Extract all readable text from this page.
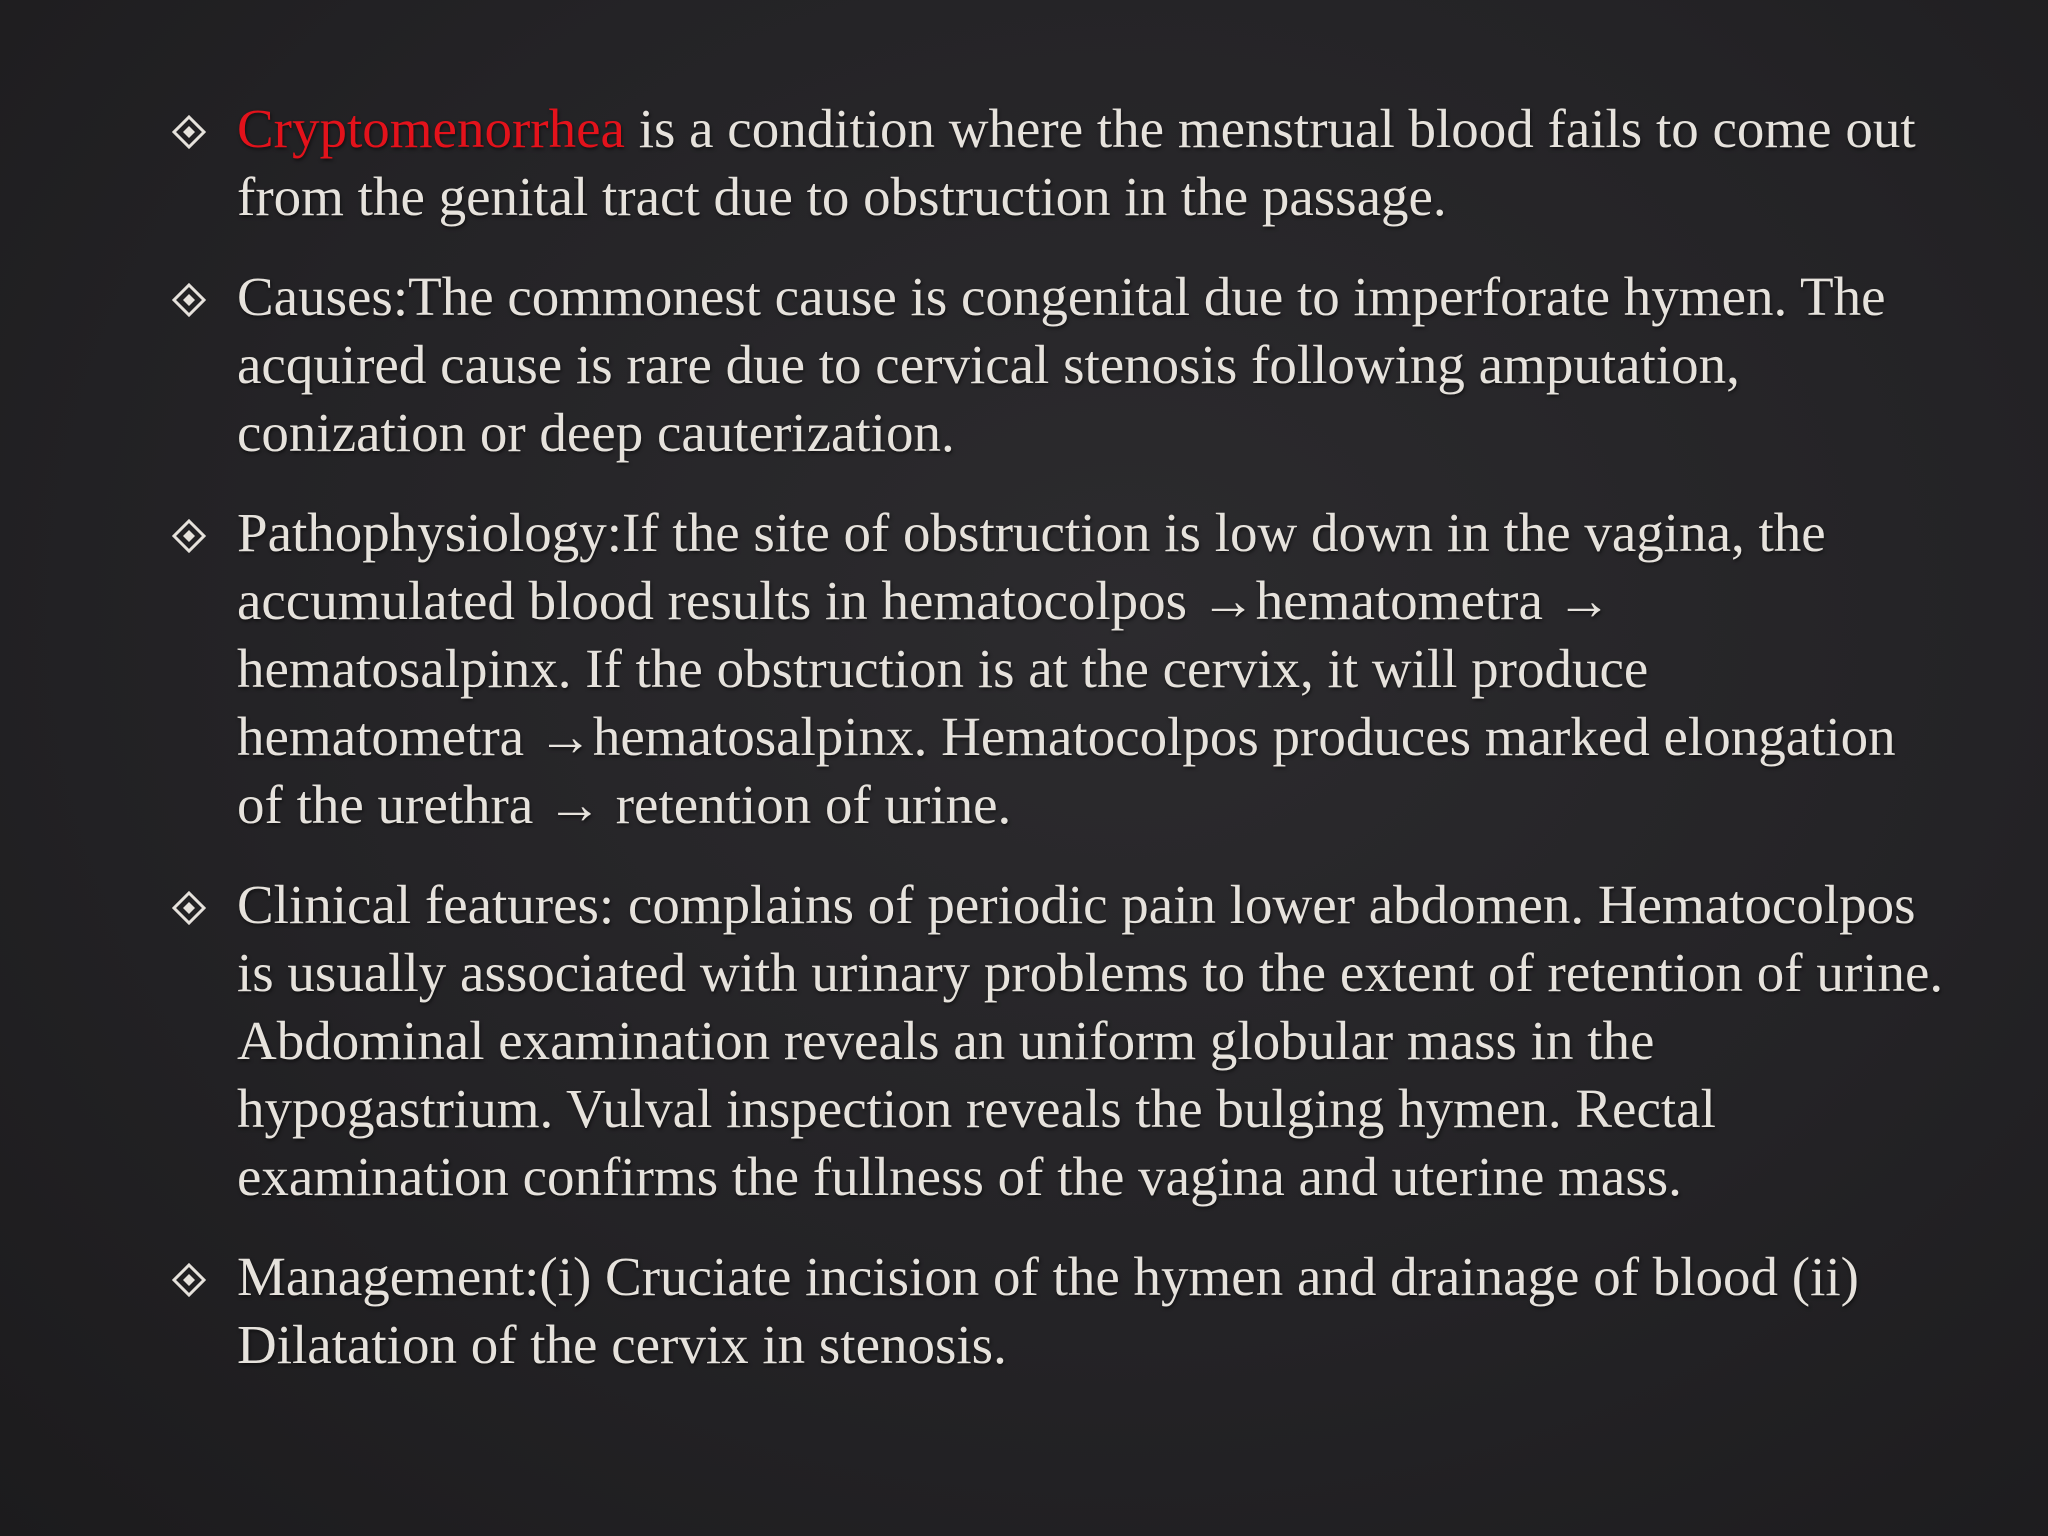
Cryptomenorrhea is a condition where the menstrual blood fails to come out from the genital tract due to obstruction in the passage.
Causes:The commonest cause is congenital due to imperforate hymen. The acquired cause is rare due to cervical stenosis following amputation, conization or deep cauterization.
Pathophysiology:If the site of obstruction is low down in the vagina, the accumulated blood results in hematocolpos →hematometra → hematosalpinx. If the obstruction is at the cervix, it will produce hematometra →hematosalpinx. Hematocolpos produces marked elongation of the urethra → retention of urine.
Clinical features: complains of periodic pain lower abdomen. Hematocolpos is usually associated with urinary problems to the extent of retention of urine. Abdominal examination reveals an uniform globular mass in the hypogastrium. Vulval inspection reveals the bulging hymen. Rectal examination confirms the fullness of the vagina and uterine mass.
Management:(i) Cruciate incision of the hymen and drainage of blood (ii) Dilatation of the cervix in stenosis.
